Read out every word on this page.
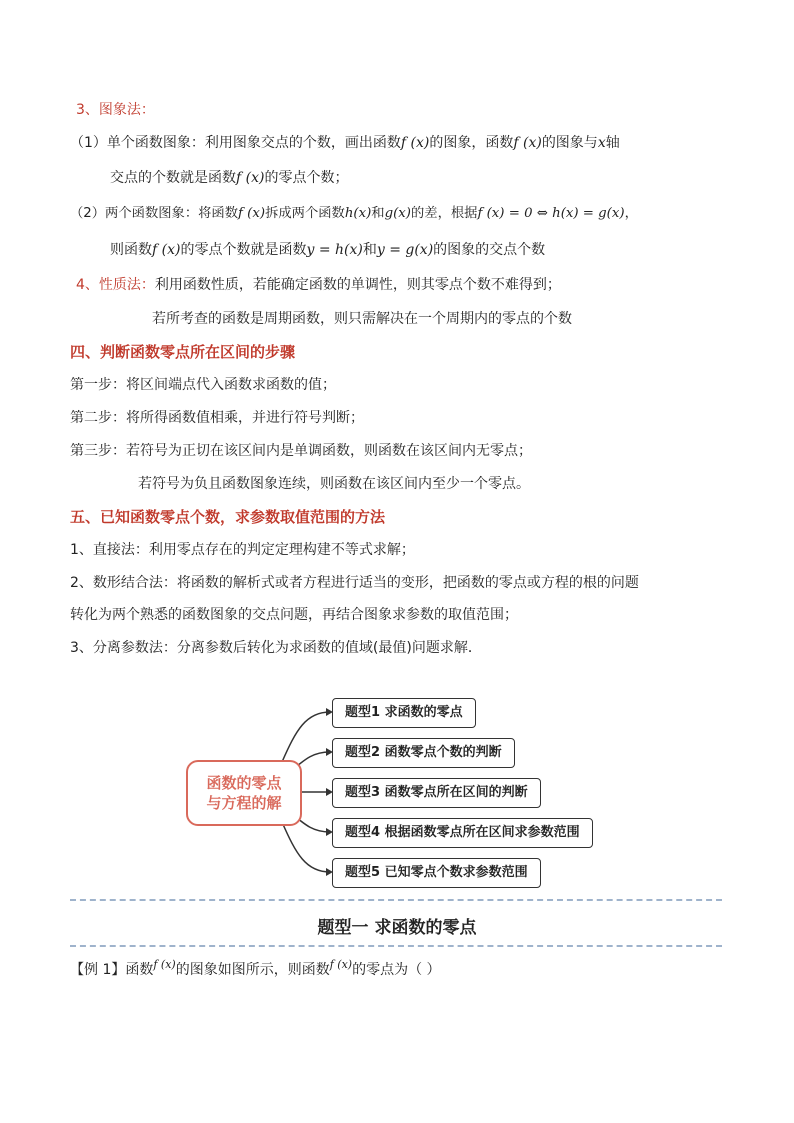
3、图象法：
（1）单个函数图象：利用图象交点的个数，画出函数f (x)的图象，函数f (x)的图象与x轴
交点的个数就是函数f (x)的零点个数；
（2）两个函数图象：将函数f (x)拆成两个函数h(x)和g(x)的差，根据f (x) = 0 ⇔ h(x) = g(x)，
则函数f (x)的零点个数就是函数y = h(x)和y = g(x)的图象的交点个数
4、性质法：利用函数性质，若能确定函数的单调性，则其零点个数不难得到；
若所考查的函数是周期函数，则只需解决在一个周期内的零点的个数
四、判断函数零点所在区间的步骤
第一步：将区间端点代入函数求函数的值；
第二步：将所得函数值相乘，并进行符号判断；
第三步：若符号为正切在该区间内是单调函数，则函数在该区间内无零点；
若符号为负且函数图象连续，则函数在该区间内至少一个零点。
五、已知函数零点个数，求参数取值范围的方法
1、直接法：利用零点存在的判定定理构建不等式求解；
2、数形结合法：将函数的解析式或者方程进行适当的变形，把函数的零点或方程的根的问题
转化为两个熟悉的函数图象的交点问题，再结合图象求参数的取值范围；
3、分离参数法：分离参数后转化为求函数的值域(最值)问题求解．
函数的零点
与方程的解
题型1 求函数的零点
题型2 函数零点个数的判断
题型3 函数零点所在区间的判断
题型4 根据函数零点所在区间求参数范围
题型5 已知零点个数求参数范围
题型一 求函数的零点
【例 1】函数$^{f (x)}$的图象如图所示，则函数$^{f (x)}$的零点为（ ）
